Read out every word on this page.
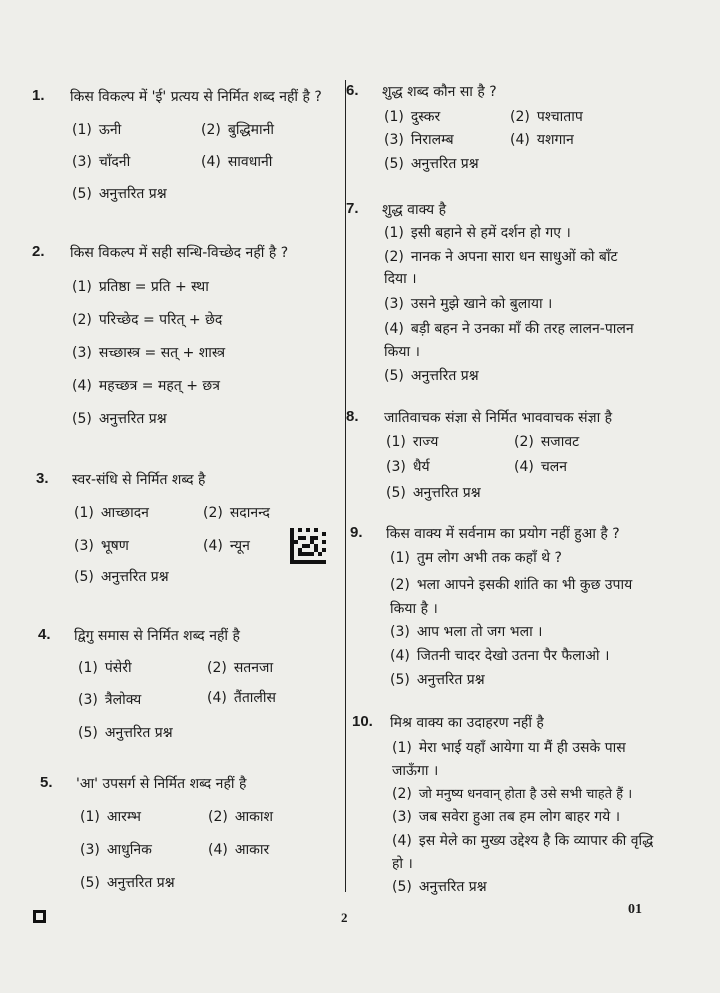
1. किस विकल्प में 'ई' प्रत्यय से निर्मित शब्द नहीं है ?
(1) ऊनी	(2) बुद्धिमानी
(3) चाँदनी	(4) सावधानी
(5) अनुत्तरित प्रश्न
2. किस विकल्प में सही सन्धि-विच्छेद नहीं है ?
(1) प्रतिष्ठा = प्रति + स्था
(2) परिच्छेद = परित् + छेद
(3) सच्छास्त्र = सत् + शास्त्र
(4) महच्छत्र = महत् + छत्र
(5) अनुत्तरित प्रश्न
3. स्वर-संधि से निर्मित शब्द है
(1) आच्छादन	(2) सदानन्द
(3) भूषण	(4) न्यून
(5) अनुत्तरित प्रश्न
4. द्विगु समास से निर्मित शब्द नहीं है
(1) पंसेरी	(2) सतनजा
(3) त्रैलोक्य	(4) तैंतालीस
(5) अनुत्तरित प्रश्न
5. 'आ' उपसर्ग से निर्मित शब्द नहीं है
(1) आरम्भ	(2) आकाश
(3) आधुनिक	(4) आकार
(5) अनुत्तरित प्रश्न
6. शुद्ध शब्द कौन सा है ?
(1) दुस्कर	(2) पश्चाताप
(3) निरालम्ब	(4) यशगान
(5) अनुत्तरित प्रश्न
7. शुद्ध वाक्य है
(1) इसी बहाने से हमें दर्शन हो गए ।
(2) नानक ने अपना सारा धन साधुओं को बाँट दिया ।
(3) उसने मुझे खाने को बुलाया ।
(4) बड़ी बहन ने उनका माँ की तरह लालन-पालन किया ।
(5) अनुत्तरित प्रश्न
8. जातिवाचक संज्ञा से निर्मित भाववाचक संज्ञा है
(1) राज्य	(2) सजावट
(3) धैर्य	(4) चलन
(5) अनुत्तरित प्रश्न
9. किस वाक्य में सर्वनाम का प्रयोग नहीं हुआ है ?
(1) तुम लोग अभी तक कहाँ थे ?
(2) भला आपने इसकी शांति का भी कुछ उपाय किया है ।
(3) आप भला तो जग भला ।
(4) जितनी चादर देखो उतना पैर फैलाओ ।
(5) अनुत्तरित प्रश्न
10. मिश्र वाक्य का उदाहरण नहीं है
(1) मेरा भाई यहाँ आयेगा या मैं ही उसके पास जाऊँगा ।
(2) जो मनुष्य धनवान् होता है उसे सभी चाहते हैं ।
(3) जब सवेरा हुआ तब हम लोग बाहर गये ।
(4) इस मेले का मुख्य उद्देश्य है कि व्यापार की वृद्धि हो ।
(5) अनुत्तरित प्रश्न
2
01
